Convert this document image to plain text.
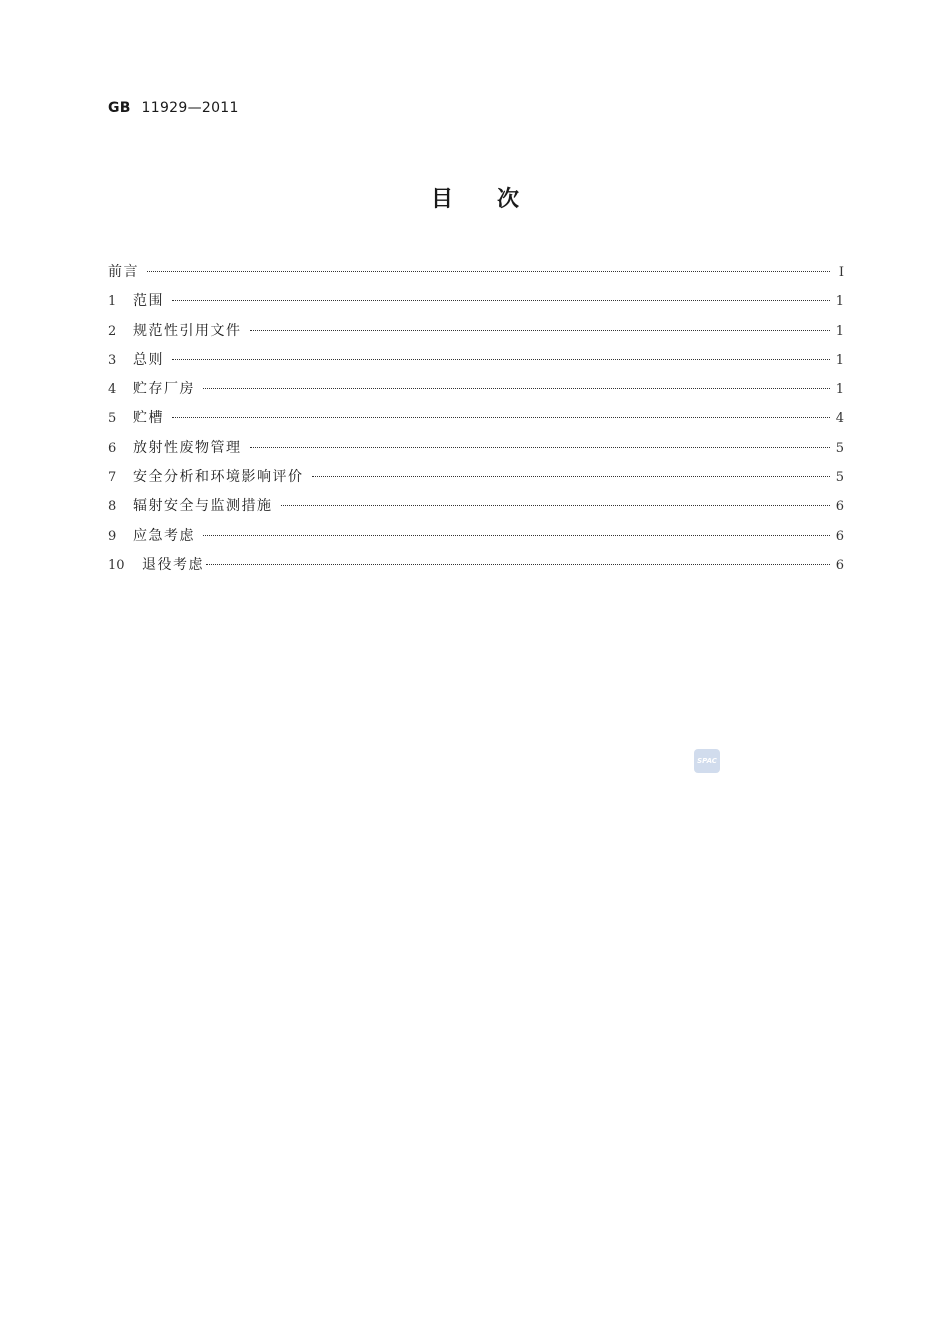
GB 11929—2011
目次
前言	Ⅰ
1	范围	1
2	规范性引用文件	1
3	总则	1
4	贮存厂房	1
5	贮槽	4
6	放射性废物管理	5
7	安全分析和环境影响评价	5
8	辐射安全与监测措施	6
9	应急考虑	6
10	退役考虑	6
SPAC
